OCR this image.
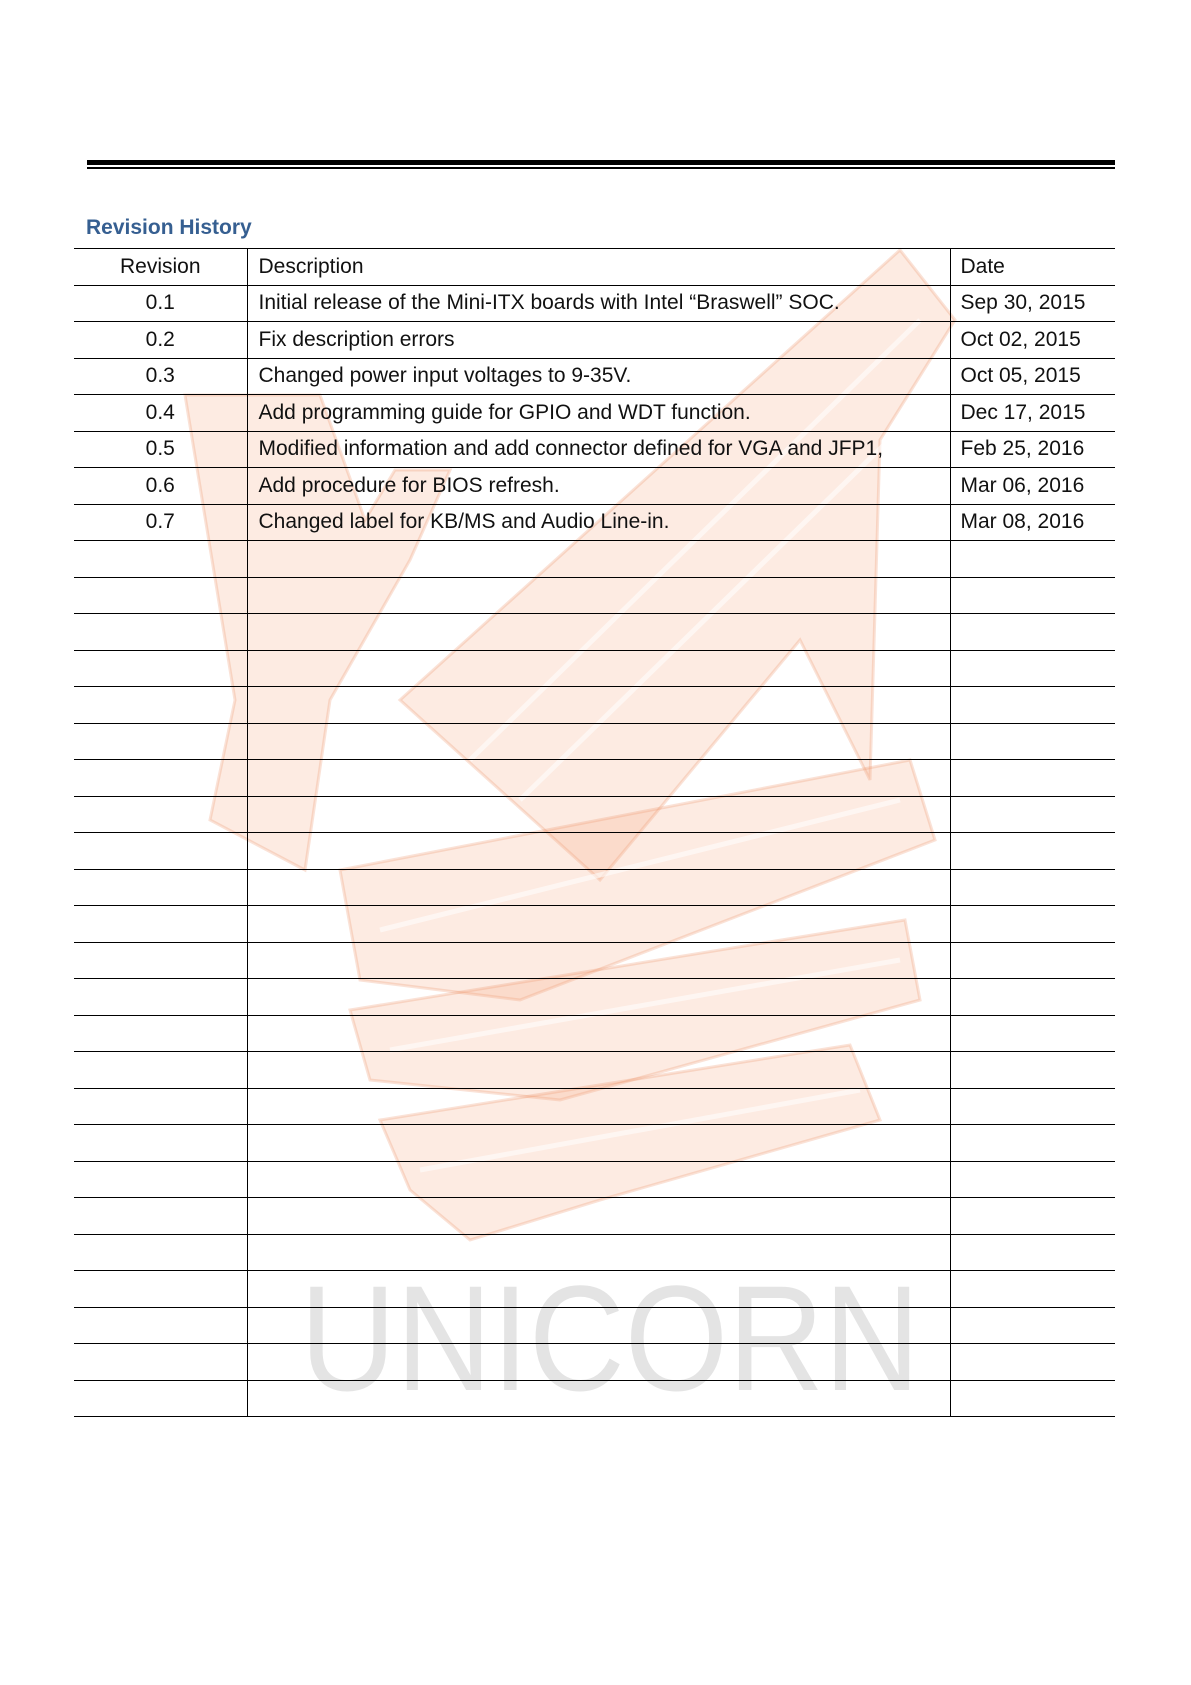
UNICORN
Revision History
Revision	Description	Date
0.1	Initial release of the Mini-ITX boards with Intel “Braswell” SOC.	Sep 30, 2015
0.2	Fix description errors	Oct 02, 2015
0.3	Changed power input voltages to 9-35V.	Oct 05, 2015
0.4	Add programming guide for GPIO and WDT function.	Dec 17, 2015
0.5	Modified information and add connector defined for VGA and JFP1,	Feb 25, 2016
0.6	Add procedure for BIOS refresh.	Mar 06, 2016
0.7	Changed label for KB/MS and Audio Line-in.	Mar 08, 2016
